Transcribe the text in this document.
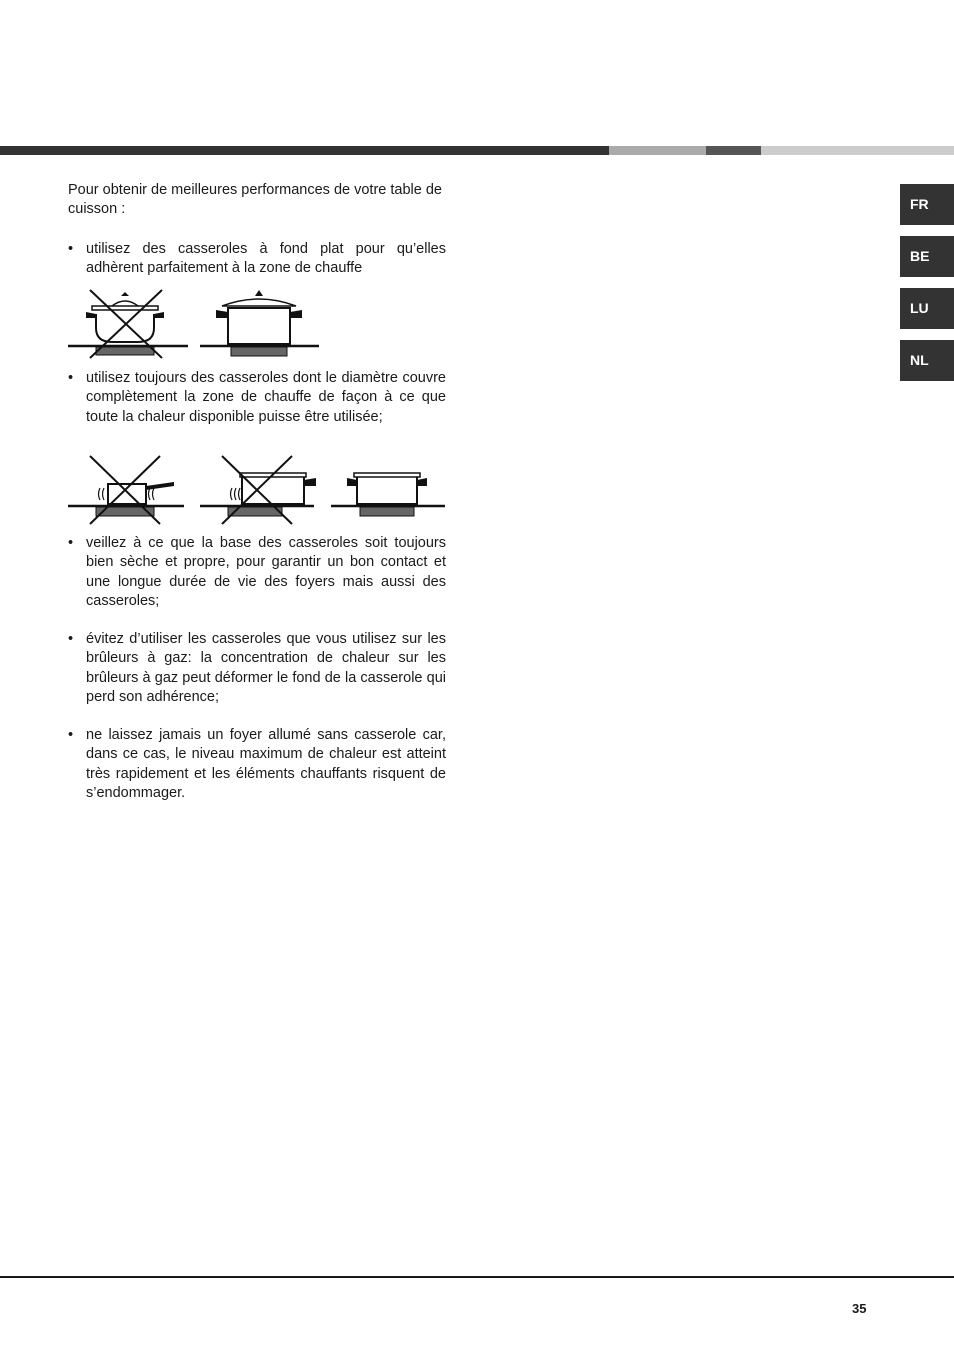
FR
BE
LU
NL

Pour obtenir de meilleures performances de votre table de cuisson :

• utilisez des casseroles à fond plat pour qu’elles adhèrent parfaitement à la zone de chauffe
• utilisez toujours des casseroles dont le diamètre couvre complètement la zone de chauffe de façon à ce que toute la chaleur disponible puisse être utilisée;
• veillez à ce que la base des casseroles soit toujours bien sèche et propre, pour garantir un bon contact et une longue durée de vie des foyers mais aussi des casseroles;
• évitez d’utiliser les casseroles que vous utilisez sur les brûleurs à gaz: la concentration de chaleur sur les brûleurs à gaz peut déformer le fond de la casserole qui perd son adhérence;
• ne laissez jamais un foyer allumé sans casserole car, dans ce cas, le niveau maximum de chaleur est atteint très rapidement et les éléments chauffants risquent de s’endommager.
35
